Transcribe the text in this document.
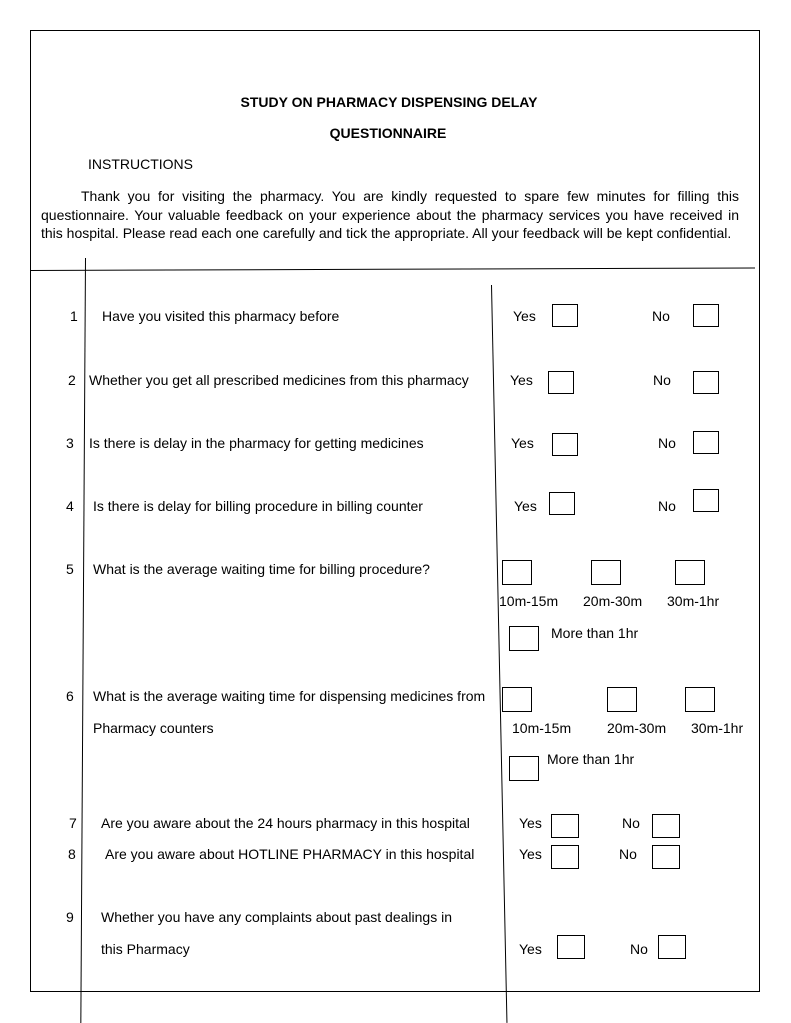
STUDY ON PHARMACY DISPENSING DELAY
QUESTIONNAIRE
INSTRUCTIONS
Thank you for visiting the pharmacy. You are kindly requested to spare few minutes for filling this questionnaire. Your valuable feedback on your experience about the pharmacy services you have received in this hospital. Please read each one carefully and tick the appropriate. All your feedback will be kept confidential.
1 Have you visited this pharmacy before	Yes	No
2 Whether you get all prescribed medicines from this pharmacy	Yes	No
3 Is there is delay in the pharmacy for getting medicines	Yes	No
4 Is there is delay for billing procedure in billing counter	Yes	No
5 What is the average waiting time for billing procedure?
10m-15m 20m-30m 30m-1hr
More than 1hr
6 What is the average waiting time for dispensing medicines from
Pharmacy counters	10m-15m	20m-30m 30m-1hr
More than 1hr
7 Are you aware about the 24 hours pharmacy in this hospital	Yes	No
8 Are you aware about HOTLINE PHARMACY in this hospital	Yes	No
9 Whether you have any complaints about past dealings in
this Pharmacy	Yes	No
